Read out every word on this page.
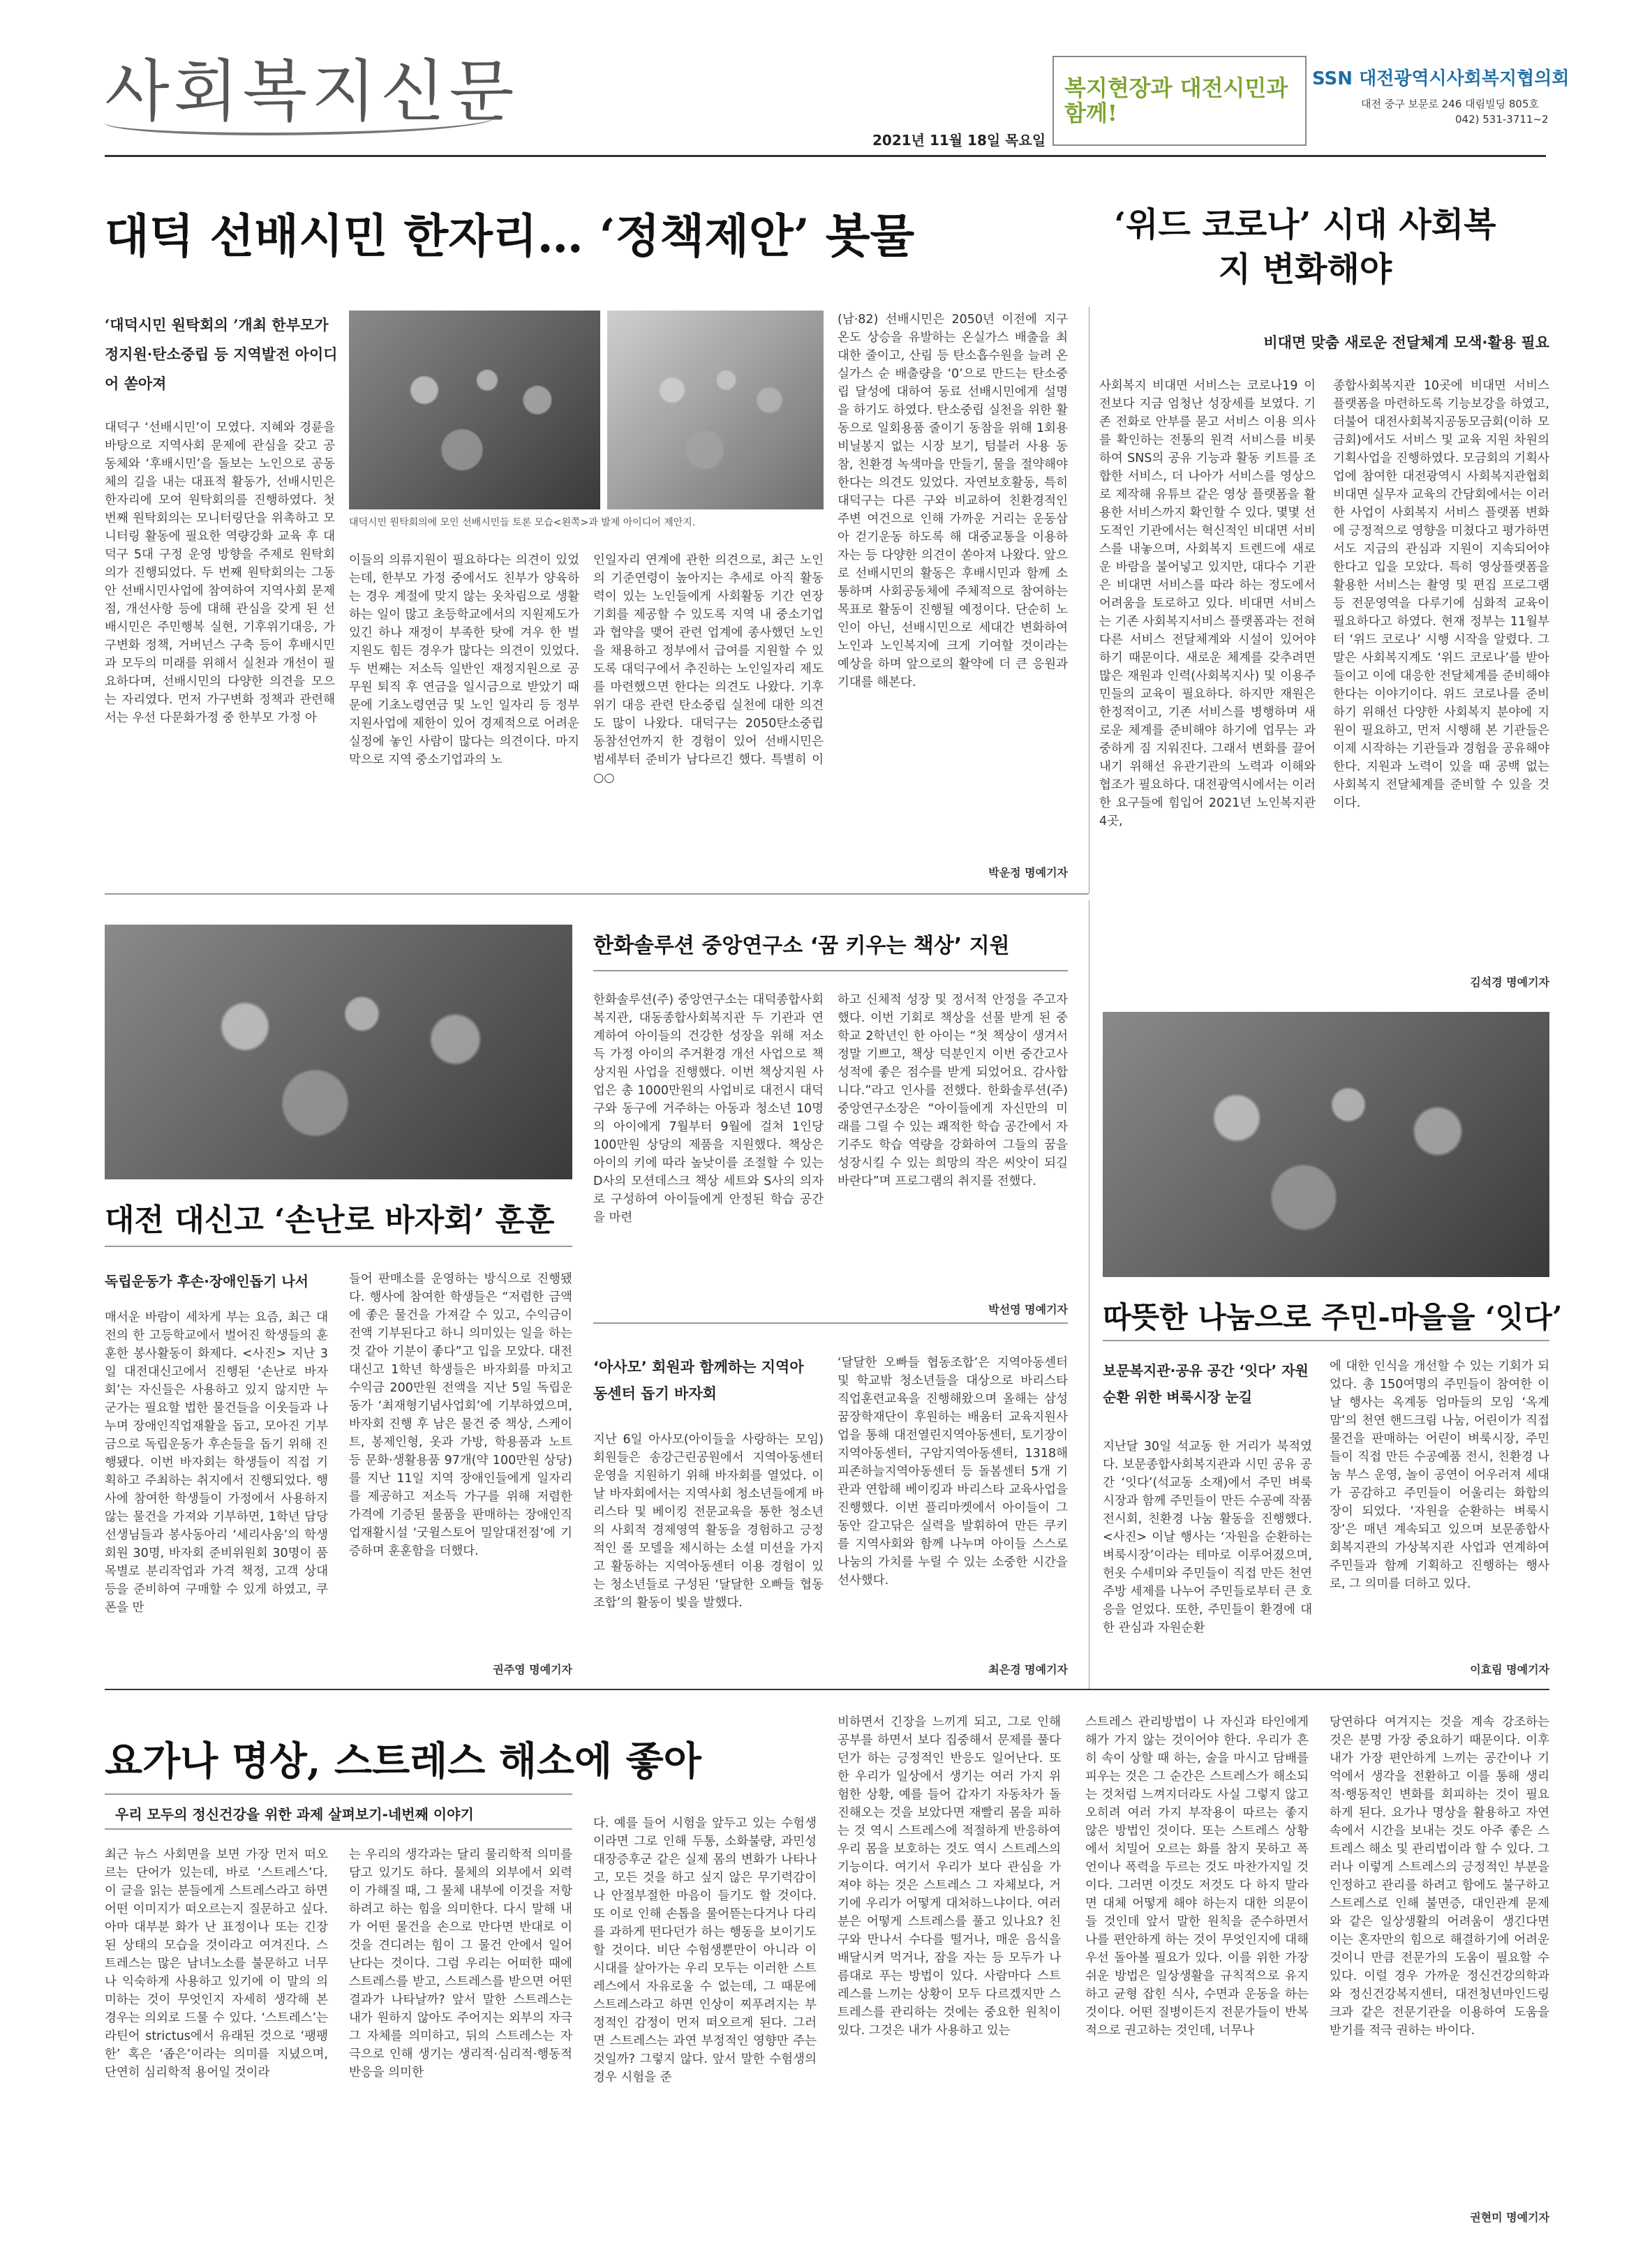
사회복지신문
2021년 11월 18일 목요일
복지현장과 대전시민과 함께!
SSN 대전광역시사회복지협의회
대전 중구 보문로 246 대림빌딩 805호
042) 531-3711~2
대덕 선배시민 한자리… ‘정책제안’ 봇물
‘대덕시민 원탁회의 ’개최 한부모가정지원·탄소중립 등 지역발전 아이디어 쏟아져
대덕시민 원탁회의에 모인 선배시민들 토론 모습<왼쪽>과 발제 아이디어 제안지.
대덕구 ‘선배시민’이 모였다. 지혜와 경륜을 바탕으로 지역사회 문제에 관심을 갖고 공동체와 ‘후배시민’을 돌보는 노인으로 공동체의 길을 내는 대표적 활동가, 선배시민은 한자리에 모여 원탁회의를 진행하였다. 첫 번째 원탁회의는 모니터링단을 위촉하고 모니터링 활동에 필요한 역량강화 교육 후 대덕구 5대 구정 운영 방향을 주제로 원탁회의가 진행되었다. 두 번째 원탁회의는 그동안 선배시민사업에 참여하여 지역사회 문제점, 개선사항 등에 대해 관심을 갖게 된 선배시민은 주민행복 실현, 기후위기대응, 가구변화 정책, 거버넌스 구축 등이 후배시민과 모두의 미래를 위해서 실천과 개선이 필요하다며, 선배시민의 다양한 의견을 모으는 자리였다. 먼저 가구변화 정책과 관련해서는 우선 다문화가정 중 한부모 가정 아
이들의 의류지원이 필요하다는 의견이 있었는데, 한부모 가정 중에서도 친부가 양육하는 경우 계절에 맞지 않는 옷차림으로 생활하는 일이 많고 초등학교에서의 지원제도가 있긴 하나 재정이 부족한 탓에 겨우 한 벌 지원도 힘든 경우가 많다는 의견이 있었다. 두 번째는 저소득 일반인 재정지원으로 공무원 퇴직 후 연금을 일시금으로 받았기 때문에 기초노령연금 및 노인 일자리 등 정부지원사업에 제한이 있어 경제적으로 어려운 실정에 놓인 사람이 많다는 의견이다. 마지막으로 지역 중소기업과의 노
인일자리 연계에 관한 의견으로, 최근 노인의 기준연령이 높아지는 추세로 아직 활동력이 있는 노인들에게 사회활동 기간 연장 기회를 제공할 수 있도록 지역 내 중소기업과 협약을 맺어 관련 업계에 종사했던 노인을 채용하고 정부에서 급여를 지원할 수 있도록 대덕구에서 추진하는 노인일자리 제도를 마련했으면 한다는 의견도 나왔다. 기후위기 대응 관련 탄소중립 실천에 대한 의견도 많이 나왔다. 대덕구는 2050탄소중립 동참선언까지 한 경험이 있어 선배시민은 범세부터 준비가 남다르긴 했다. 특별히 이○○
(남·82) 선배시민은 2050년 이전에 지구 온도 상승을 유발하는 온실가스 배출을 최대한 줄이고, 산림 등 탄소흡수원을 늘려 온실가스 순 배출량을 ‘0’으로 만드는 탄소중립 달성에 대하여 동료 선배시민에게 설명을 하기도 하였다. 탄소중립 실천을 위한 활동으로 일회용품 줄이기 동참을 위해 1회용 비닐봉지 없는 시장 보기, 텀블러 사용 동참, 친환경 녹색마을 만들기, 물을 절약해야 한다는 의견도 있었다. 자연보호활동, 특히 대덕구는 다른 구와 비교하여 친환경적인 주변 여건으로 인해 가까운 거리는 운동삼아 걷기운동 하도록 해 대중교통을 이용하자는 등 다양한 의견이 쏟아져 나왔다. 앞으로 선배시민의 활동은 후배시민과 함께 소통하며 사회공동체에 주체적으로 참여하는 목표로 활동이 진행될 예정이다. 단순히 노인이 아닌, 선배시민으로 세대간 변화하여 노인과 노인복지에 크게 기여할 것이라는 예상을 하며 앞으로의 활약에 더 큰 응원과 기대를 해본다.
박운정 명예기자
‘위드 코로나’ 시대 사회복지 변화해야
비대면 맞춤 새로운 전달체계 모색·활용 필요
사회복지 비대면 서비스는 코로나19 이전보다 지금 엄청난 성장세를 보였다. 기존 전화로 안부를 묻고 서비스 이용 의사를 확인하는 전통의 원격 서비스를 비롯하여 SNS의 공유 기능과 활동 키트를 조합한 서비스, 더 나아가 서비스를 영상으로 제작해 유튜브 같은 영상 플랫폼을 활용한 서비스까지 확인할 수 있다. 몇몇 선도적인 기관에서는 혁신적인 비대면 서비스를 내놓으며, 사회복지 트렌드에 새로운 바람을 불어넣고 있지만, 대다수 기관은 비대면 서비스를 따라 하는 정도에서 어려움을 토로하고 있다. 비대면 서비스는 기존 사회복지서비스 플랫폼과는 전혀 다른 서비스 전달체계와 시설이 있어야 하기 때문이다. 새로운 체계를 갖추려면 많은 재원과 인력(사회복지사) 및 이용주민들의 교육이 필요하다. 하지만 재원은 한정적이고, 기존 서비스를 병행하며 새로운 체계를 준비해야 하기에 업무는 과중하게 짐 지워진다. 그래서 변화를 끌어내기 위해선 유관기관의 노력과 이해와 협조가 필요하다. 대전광역시에서는 이러한 요구들에 힘입어 2021년 노인복지관 4곳,
종합사회복지관 10곳에 비대면 서비스 플랫폼을 마련하도록 기능보강을 하였고, 더불어 대전사회복지공동모금회(이하 모금회)에서도 서비스 및 교육 지원 차원의 기획사업을 진행하였다. 모금회의 기획사업에 참여한 대전광역시 사회복지관협회 비대면 실무자 교육의 간담회에서는 이러한 사업이 사회복지 서비스 플랫폼 변화에 긍정적으로 영향을 미쳤다고 평가하면서도 지금의 관심과 지원이 지속되어야 한다고 입을 모았다. 특히 영상플랫폼을 활용한 서비스는 촬영 및 편집 프로그램 등 전문영역을 다루기에 심화적 교육이 필요하다고 하였다. 현재 정부는 11월부터 ‘위드 코로나’ 시행 시작을 알렸다. 그 말은 사회복지계도 ‘위드 코로나’를 받아들이고 이에 대응한 전달체계를 준비해야 한다는 이야기이다. 위드 코로나를 준비하기 위해선 다양한 사회복지 분야에 지원이 필요하고, 먼저 시행해 본 기관들은 이제 시작하는 기관들과 경험을 공유해야 한다. 지원과 노력이 있을 때 공백 없는 사회복지 전달체계를 준비할 수 있을 것이다.
김석경 명예기자
대전 대신고 ‘손난로 바자회’ 훈훈
독립운동가 후손·장애인돕기 나서
매서운 바람이 세차게 부는 요즘, 최근 대전의 한 고등학교에서 벌어진 학생들의 훈훈한 봉사활동이 화제다. <사진> 지난 3일 대전대신고에서 진행된 ‘손난로 바자회’는 자신들은 사용하고 있지 않지만 누군가는 필요할 법한 물건들을 이웃들과 나누며 장애인직업재활을 돕고, 모아진 기부금으로 독립운동가 후손들을 돕기 위해 진행됐다. 이번 바자회는 학생들이 직접 기획하고 주최하는 취지에서 진행되었다. 행사에 참여한 학생들이 가정에서 사용하지 않는 물건을 가져와 기부하면, 1학년 담당 선생님들과 봉사동아리 ‘세리사움’의 학생회원 30명, 바자회 준비위원회 30명이 품목별로 분리작업과 가격 책정, 고객 상대 등을 준비하여 구매할 수 있게 하였고, 쿠폰을 만
들어 판매소를 운영하는 방식으로 진행됐다. 행사에 참여한 학생들은 “저렴한 금액에 좋은 물건을 가져갈 수 있고, 수익금이 전액 기부된다고 하니 의미있는 일을 하는 것 같아 기분이 좋다”고 입을 모았다. 대전대신고 1학년 학생들은 바자회를 마치고 수익금 200만원 전액을 지난 5일 독립운동가 ‘최재형기념사업회’에 기부하였으며, 바자회 진행 후 남은 물건 중 책상, 스케이트, 봉제인형, 옷과 가방, 학용품과 노트 등 문화·생활용품 97개(약 100만원 상당)를 지난 11일 지역 장애인들에게 일자리를 제공하고 저소득 가구를 위해 저렴한 가격에 기증된 물품을 판매하는 장애인직업재활시설 ‘굿윌스토어 밀알대전점’에 기증하며 훈훈함을 더했다.
권주영 명예기자
한화솔루션 중앙연구소 ‘꿈 키우는 책상’ 지원
한화솔루션(주) 중앙연구소는 대덕종합사회복지관, 대동종합사회복지관 두 기관과 연계하여 아이들의 건강한 성장을 위해 저소득 가정 아이의 주거환경 개선 사업으로 책상지원 사업을 진행했다. 이번 책상지원 사업은 총 1000만원의 사업비로 대전시 대덕구와 동구에 거주하는 아동과 청소년 10명의 아이에게 7월부터 9월에 걸쳐 1인당 100만원 상당의 제품을 지원했다. 책상은 아이의 키에 따라 높낮이를 조절할 수 있는 D사의 모션데스크 책상 세트와 S사의 의자로 구성하여 아이들에게 안정된 학습 공간을 마련
하고 신체적 성장 및 정서적 안정을 주고자 했다. 이번 기회로 책상을 선물 받게 된 중학교 2학년인 한 아이는 “첫 책상이 생겨서 정말 기쁘고, 책상 덕분인지 이번 중간고사 성적에 좋은 점수를 받게 되었어요. 감사합니다.”라고 인사를 전했다. 한화솔루션(주) 중앙연구소장은 “아이들에게 자신만의 미래를 그릴 수 있는 쾌적한 학습 공간에서 자기주도 학습 역량을 강화하여 그들의 꿈을 성장시킬 수 있는 희망의 작은 씨앗이 되길 바란다”며 프로그램의 취지를 전했다.
박선영 명예기자
‘아사모’ 회원과 함께하는 지역아동센터 돕기 바자회
지난 6일 아사모(아이들을 사랑하는 모임) 회원들은 송강근린공원에서 지역아동센터 운영을 지원하기 위해 바자회를 열었다. 이날 바자회에서는 지역사회 청소년들에게 바리스타 및 베이킹 전문교육을 통한 청소년의 사회적 경제영역 활동을 경험하고 긍정적인 롤 모델을 제시하는 소셜 미션을 가지고 활동하는 지역아동센터 이용 경험이 있는 청소년들로 구성된 ‘달달한 오빠들 협동조합’의 활동이 빛을 발했다.
‘달달한 오빠들 협동조합’은 지역아동센터 및 학교밖 청소년들을 대상으로 바리스타 직업훈련교육을 진행해왔으며 올해는 삼성꿈장학재단이 후원하는 배움터 교육지원사업을 통해 대전열린지역아동센터, 토기장이지역아동센터, 구암지역아동센터, 1318해피존하늘지역아동센터 등 돌봄센터 5개 기관과 연합해 베이킹과 바리스타 교육사업을 진행했다. 이번 플리마켓에서 아이들이 그동안 갈고닦은 실력을 발휘하여 만든 쿠키를 지역사회와 함께 나누며 아이들 스스로 나눔의 가치를 누릴 수 있는 소중한 시간을 선사했다.
최은경 명예기자
따뜻한 나눔으로 주민-마을을 ‘잇다’
보문복지관·공유 공간 ‘잇다’ 자원순환 위한 벼룩시장 눈길
지난달 30일 석교동 한 거리가 북적였다. 보문종합사회복지관과 시민 공유 공간 ‘잇다’(석교동 소재)에서 주민 벼룩시장과 함께 주민들이 만든 수공예 작품 전시회, 친환경 나눔 활동을 진행했다. <사진> 이날 행사는 ‘자원을 순환하는 벼룩시장’이라는 테마로 이루어졌으며, 헌옷 수세미와 주민들이 직접 만든 천연 주방 세제를 나누어 주민들로부터 큰 호응을 얻었다. 또한, 주민들이 환경에 대한 관심과 자원순환
에 대한 인식을 개선할 수 있는 기회가 되었다. 총 150여명의 주민들이 참여한 이날 행사는 옥계동 엄마들의 모임 ‘옥계맘’의 천연 핸드크림 나눔, 어린이가 직접 물건을 판매하는 어린이 벼룩시장, 주민들이 직접 만든 수공예품 전시, 친환경 나눔 부스 운영, 놀이 공연이 어우러져 세대가 공감하고 주민들이 어울리는 화합의 장이 되었다. ‘자원을 순환하는 벼룩시장’은 매년 계속되고 있으며 보문종합사회복지관의 가상복지관 사업과 연계하여 주민들과 함께 기획하고 진행하는 행사로, 그 의미를 더하고 있다.
이효림 명예기자
요가나 명상, 스트레스 해소에 좋아
우리 모두의 정신건강을 위한 과제 살펴보기-네번째 이야기
최근 뉴스 사회면을 보면 가장 먼저 떠오르는 단어가 있는데, 바로 ‘스트레스’다. 이 글을 읽는 분들에게 스트레스라고 하면 어떤 이미지가 떠오르는지 질문하고 싶다. 아마 대부분 화가 난 표정이나 또는 긴장된 상태의 모습을 것이라고 여겨진다. 스트레스는 많은 남녀노소를 불문하고 너무나 익숙하게 사용하고 있기에 이 말의 의미하는 것이 무엇인지 자세히 생각해 본 경우는 의외로 드물 수 있다. ‘스트레스’는 라틴어 strictus에서 유래된 것으로 ‘팽팽한’ 혹은 ‘좁은’이라는 의미를 지녔으며, 단연히 심리학적 용어일 것이라
는 우리의 생각과는 달리 물리학적 의미를 담고 있기도 하다. 물체의 외부에서 외력이 가해질 때, 그 물체 내부에 이것을 저항하려고 하는 힘을 의미한다. 다시 말해 내가 어떤 물건을 손으로 만다면 반대로 이것을 견디려는 힘이 그 물건 안에서 일어난다는 것이다. 그럼 우리는 어떠한 때에 스트레스를 받고, 스트레스를 받으면 어떤 결과가 나타날까? 앞서 말한 스트레스는 내가 원하지 않아도 주어지는 외부의 자극 그 자체를 의미하고, 뒤의 스트레스는 자극으로 인해 생기는 생리적·심리적·행동적 반응을 의미한
다. 예를 들어 시험을 앞두고 있는 수험생이라면 그로 인해 두통, 소화불량, 과민성대장증후군 같은 실제 몸의 변화가 나타나고, 모든 것을 하고 싶지 않은 무기력감이나 안절부절한 마음이 들기도 할 것이다. 또 이로 인해 손톱을 물어뜯는다거나 다리를 과하게 떤다던가 하는 행동을 보이기도 할 것이다. 비단 수험생뿐만이 아니라 이 시대를 살아가는 우리 모두는 이러한 스트레스에서 자유로울 수 없는데, 그 때문에 스트레스라고 하면 인상이 찌푸려지는 부정적인 감정이 먼저 떠오르게 된다. 그러면 스트레스는 과연 부정적인 영향만 주는 것일까? 그렇지 않다. 앞서 말한 수험생의 경우 시험을 준
비하면서 긴장을 느끼게 되고, 그로 인해 공부를 하면서 보다 집중해서 문제를 풀다던가 하는 긍정적인 반응도 일어난다. 또한 우리가 일상에서 생기는 여러 가지 위험한 상황, 예를 들어 갑자기 자동차가 돌진해오는 것을 보았다면 재빨리 몸을 피하는 것 역시 스트레스에 적절하게 반응하여 우리 몸을 보호하는 것도 역시 스트레스의 기능이다. 여기서 우리가 보다 관심을 가져야 하는 것은 스트레스 그 자체보다, 거기에 우리가 어떻게 대처하느냐이다. 여러분은 어떻게 스트레스를 풀고 있나요? 친구와 만나서 수다를 떨거나, 매운 음식을 배달시켜 먹거나, 잠을 자는 등 모두가 나름대로 푸는 방법이 있다. 사람마다 스트레스를 느끼는 상황이 모두 다르겠지만 스트레스를 관리하는 것에는 중요한 원칙이 있다. 그것은 내가 사용하고 있는
스트레스 관리방법이 나 자신과 타인에게 해가 가지 않는 것이어야 한다. 우리가 흔히 속이 상할 때 하는, 술을 마시고 담배를 피우는 것은 그 순간은 스트레스가 해소되는 것처럼 느껴지더라도 사실 그렇지 않고 오히려 여러 가지 부작용이 따르는 좋지 않은 방법인 것이다. 또는 스트레스 상황에서 치밀어 오르는 화를 참지 못하고 폭언이나 폭력을 두르는 것도 마찬가지일 것이다. 그러면 이것도 저것도 다 하지 말라면 대체 어떻게 해야 하는지 대한 의문이 들 것인데 앞서 말한 원칙을 준수하면서 나를 편안하게 하는 것이 무엇인지에 대해 우선 돌아볼 필요가 있다. 이를 위한 가장 쉬운 방법은 일상생활을 규칙적으로 유지하고 균형 잡힌 식사, 수면과 운동을 하는 것이다. 어떤 질병이든지 전문가들이 반복적으로 권고하는 것인데, 너무나
당연하다 여겨지는 것을 계속 강조하는 것은 분명 가장 중요하기 때문이다. 이후 내가 가장 편안하게 느끼는 공간이나 기억에서 생각을 전환하고 이를 통해 생리적·행동적인 변화를 회피하는 것이 필요하게 된다. 요가나 명상을 활용하고 자연 속에서 시간을 보내는 것도 아주 좋은 스트레스 해소 및 관리법이라 할 수 있다. 그러나 이렇게 스트레스의 긍정적인 부분을 인정하고 관리를 하려고 함에도 불구하고 스트레스로 인해 불면증, 대인관계 문제와 같은 일상생활의 어려움이 생긴다면 이는 혼자만의 힘으로 해결하기에 어려운 것이니 만큼 전문가의 도움이 필요할 수 있다. 이럴 경우 가까운 정신건강의학과와 정신건강복지센터, 대전청년마인드링크과 같은 전문기관을 이용하여 도움을 받기를 적극 권하는 바이다.
권현미 명예기자
